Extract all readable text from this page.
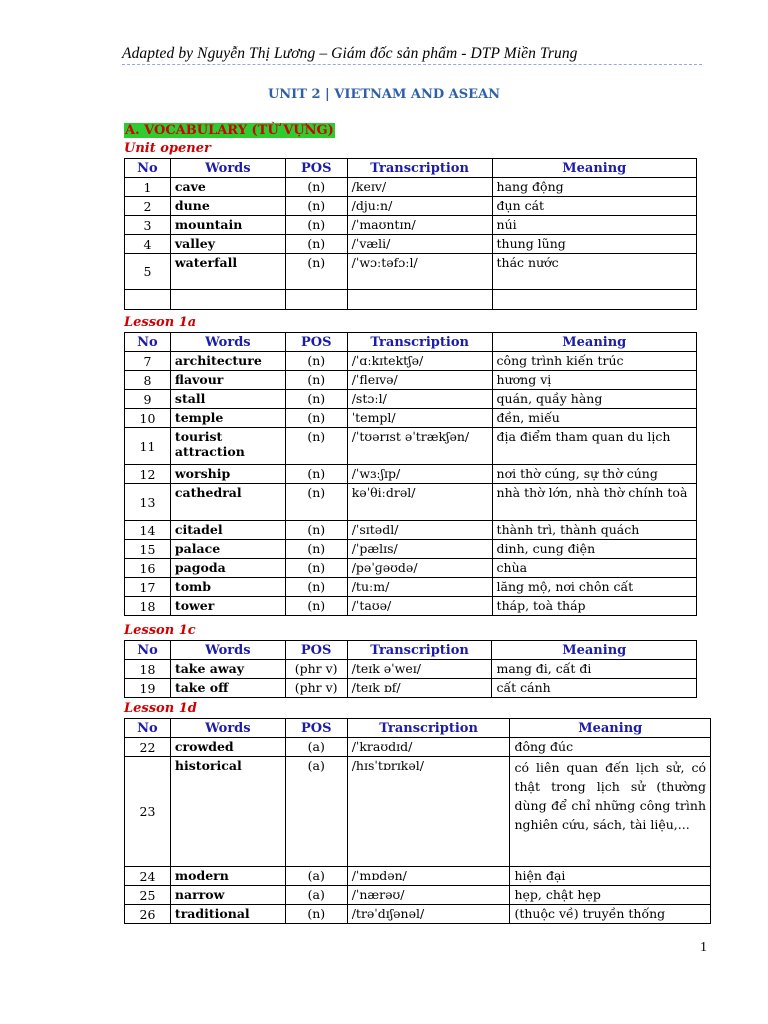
Adapted by Nguyễn Thị Lương – Giám đốc sản phẩm - DTP Miền Trung
UNIT 2 | VIETNAM AND ASEAN
A. VOCABULARY (TỪ VỰNG)
Unit opener
No	Words	POS	Transcription	Meaning
1	cave	(n)	/keɪv/	hang động
2	dune	(n)	/dju:n/	đụn cát
3	mountain	(n)	/ˈmaʊntɪn/	núi
4	valley	(n)	/ˈvæli/	thung lũng
5	waterfall	(n)	/ˈwɔːtəfɔːl/	thác nước

Lesson 1a
No	Words	POS	Transcription	Meaning
7	architecture	(n)	/ˈɑːkɪtektʃə/	công trình kiến trúc
8	flavour	(n)	/ˈfleɪvə/	hương vị
9	stall	(n)	/stɔːl/	quán, quầy hàng
10	temple	(n)	ˈtempl/	đền, miếu
11	tourist attraction	(n)	/ˈtʊərɪst əˈtrækʃən/	địa điểm tham quan du lịch
12	worship	(n)	/ˈwɜːʃɪp/	nơi thờ cúng, sự thờ cúng
13	cathedral	(n)	kəˈθiːdrəl/	nhà thờ lớn, nhà thờ chính toà
14	citadel	(n)	/ˈsɪtədl/	thành trì, thành quách
15	palace	(n)	/ˈpælɪs/	dinh, cung điện
16	pagoda	(n)	/pəˈɡəʊdə/	chùa
17	tomb	(n)	/tuːm/	lăng mộ, nơi chôn cất
18	tower	(n)	/ˈtaʊə/	tháp, toà tháp
Lesson 1c
No	Words	POS	Transcription	Meaning
18	take away	(phr v)	/teɪk əˈweɪ/	mang đi, cất đi
19	take off	(phr v)	/teɪk ɒf/	cất cánh
Lesson 1d
No	Words	POS	Transcription	Meaning
22	crowded	(a)	/ˈkraʊdɪd/	đông đúc
23	historical	(a)	/hɪsˈtɒrɪkəl/	có liên quan đến lịch sử, có thật trong lịch sử (thường dùng để chỉ những công trình nghiên cứu, sách, tài liệu,...
24	modern	(a)	/ˈmɒdən/	hiện đại
25	narrow	(a)	/ˈnærəʊ/	hẹp, chật hẹp
26	traditional	(n)	/trəˈdɪʃənəl/	(thuộc về) truyền thống
1
